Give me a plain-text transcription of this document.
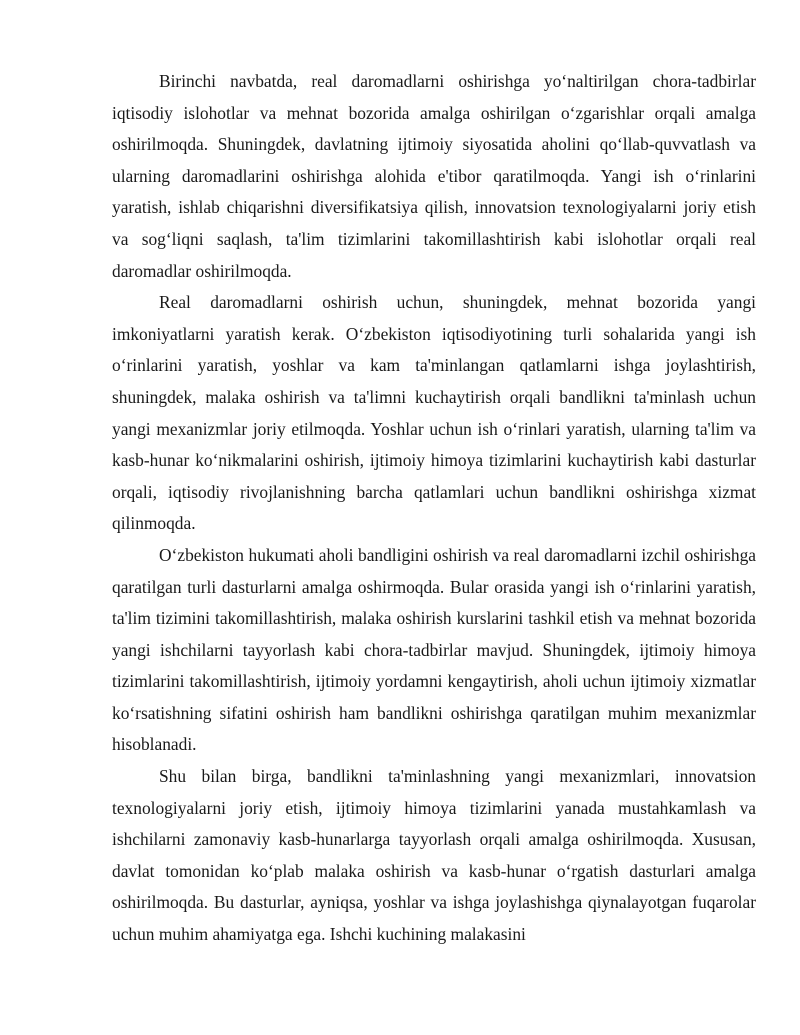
Birinchi navbatda, real daromadlarni oshirishga yo‘naltirilgan chora-tadbirlar iqtisodiy islohotlar va mehnat bozorida amalga oshirilgan o‘zgarishlar orqali amalga oshirilmoqda. Shuningdek, davlatning ijtimoiy siyosatida aholini qo‘llab-quvvatlash va ularning daromadlarini oshirishga alohida e'tibor qaratilmoqda. Yangi ish o‘rinlarini yaratish, ishlab chiqarishni diversifikatsiya qilish, innovatsion texnologiyalarni joriy etish va sog‘liqni saqlash, ta'lim tizimlarini takomillashtirish kabi islohotlar orqali real daromadlar oshirilmoqda.

Real daromadlarni oshirish uchun, shuningdek, mehnat bozorida yangi imkoniyatlarni yaratish kerak. O‘zbekiston iqtisodiyotining turli sohalarida yangi ish o‘rinlarini yaratish, yoshlar va kam ta'minlangan qatlamlarni ishga joylashtirish, shuningdek, malaka oshirish va ta'limni kuchaytirish orqali bandlikni ta'minlash uchun yangi mexanizmlar joriy etilmoqda. Yoshlar uchun ish o‘rinlari yaratish, ularning ta'lim va kasb-hunar ko‘nikmalarini oshirish, ijtimoiy himoya tizimlarini kuchaytirish kabi dasturlar orqali, iqtisodiy rivojlanishning barcha qatlamlari uchun bandlikni oshirishga xizmat qilinmoqda.

O‘zbekiston hukumati aholi bandligini oshirish va real daromadlarni izchil oshirishga qaratilgan turli dasturlarni amalga oshirmoqda. Bular orasida yangi ish o‘rinlarini yaratish, ta'lim tizimini takomillashtirish, malaka oshirish kurslarini tashkil etish va mehnat bozorida yangi ishchilarni tayyorlash kabi chora-tadbirlar mavjud. Shuningdek, ijtimoiy himoya tizimlarini takomillashtirish, ijtimoiy yordamni kengaytirish, aholi uchun ijtimoiy xizmatlar ko‘rsatishning sifatini oshirish ham bandlikni oshirishga qaratilgan muhim mexanizmlar hisoblanadi.

Shu bilan birga, bandlikni ta'minlashning yangi mexanizmlari, innovatsion texnologiyalarni joriy etish, ijtimoiy himoya tizimlarini yanada mustahkamlash va ishchilarni zamonaviy kasb-hunarlarga tayyorlash orqali amalga oshirilmoqda. Xususan, davlat tomonidan ko‘plab malaka oshirish va kasb-hunar o‘rgatish dasturlari amalga oshirilmoqda. Bu dasturlar, ayniqsa, yoshlar va ishga joylashishga qiynalayotgan fuqarolar uchun muhim ahamiyatga ega. Ishchi kuchining malakasini
